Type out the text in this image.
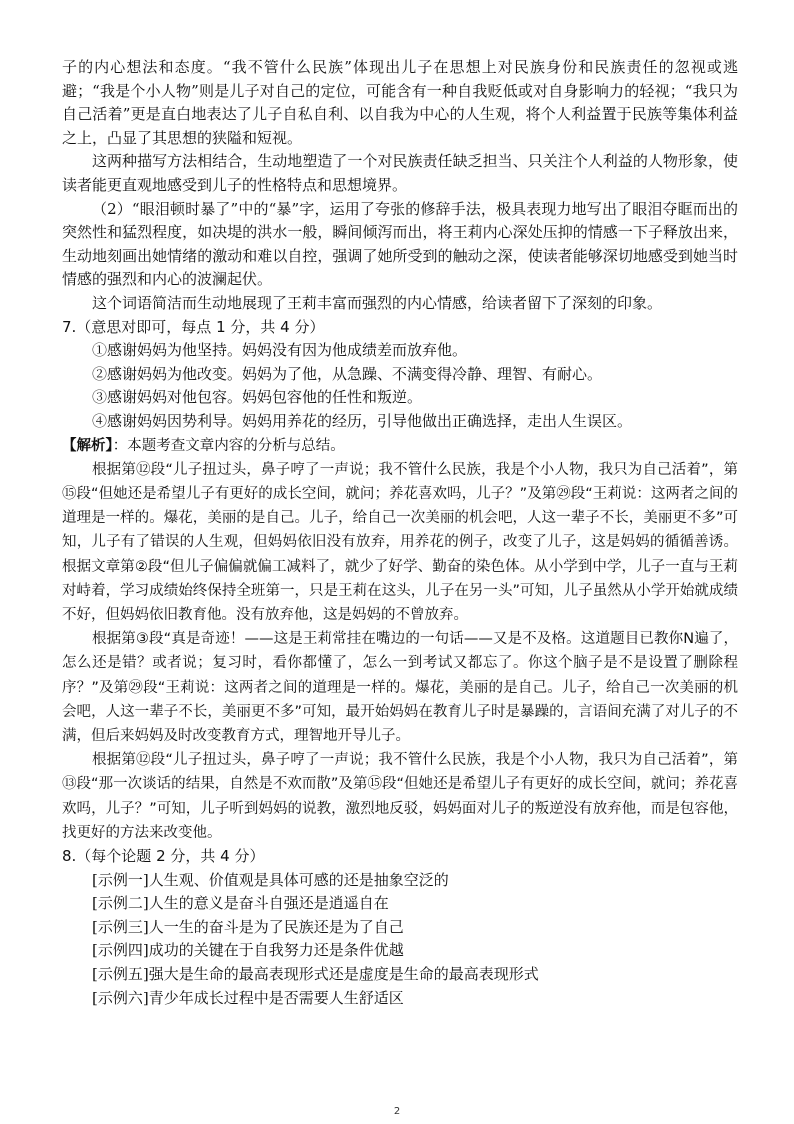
子的内心想法和态度。“我不管什么民族”体现出儿子在思想上对民族身份和民族责任的忽视或逃避；“我是个小人物”则是儿子对自己的定位，可能含有一种自我贬低或对自身影响力的轻视；“我只为自己活着”更是直白地表达了儿子自私自利、以自我为中心的人生观，将个人利益置于民族等集体利益之上，凸显了其思想的狭隘和短视。

这两种描写方法相结合，生动地塑造了一个对民族责任缺乏担当、只关注个人利益的人物形象，使读者能更直观地感受到儿子的性格特点和思想境界。

（2）“眼泪顿时暴了”中的“暴”字，运用了夸张的修辞手法，极具表现力地写出了眼泪夺眶而出的突然性和猛烈程度，如决堤的洪水一般，瞬间倾泻而出，将王莉内心深处压抑的情感一下子释放出来，生动地刻画出她情绪的激动和难以自控，强调了她所受到的触动之深，使读者能够深切地感受到她当时情感的强烈和内心的波澜起伏。

这个词语简洁而生动地展现了王莉丰富而强烈的内心情感，给读者留下了深刻的印象。

7.（意思对即可，每点 1 分，共 4 分）

①感谢妈妈为他坚持。妈妈没有因为他成绩差而放弃他。

②感谢妈妈为他改变。妈妈为了他，从急躁、不满变得冷静、理智、有耐心。

③感谢妈妈对他包容。妈妈包容他的任性和叛逆。

④感谢妈妈因势利导。妈妈用养花的经历，引导他做出正确选择，走出人生误区。

【解析】：本题考查文章内容的分析与总结。

根据第⑫段“儿子扭过头，鼻子哼了一声说；我不管什么民族，我是个小人物，我只为自己活着”，第⑮段“但她还是希望儿子有更好的成长空间，就问；养花喜欢吗，儿子？”及第㉙段“王莉说：这两者之间的道理是一样的。爆花，美丽的是自己。儿子，给自己一次美丽的机会吧，人这一辈子不长，美丽更不多”可知，儿子有了错误的人生观，但妈妈依旧没有放弃，用养花的例子，改变了儿子，这是妈妈的循循善诱。根据文章第②段“但儿子偏偏就偏工减料了，就少了好学、勤奋的染色体。从小学到中学，儿子一直与王莉对峙着，学习成绩始终保持全班第一，只是王莉在这头，儿子在另一头”可知，儿子虽然从小学开始就成绩不好，但妈妈依旧教育他。没有放弃他，这是妈妈的不曾放弃。

根据第③段“真是奇迹！——这是王莉常挂在嘴边的一句话——又是不及格。这道题目已教你N遍了，怎么还是错？或者说；复习时，看你都懂了，怎么一到考试又都忘了。你这个脑子是不是设置了删除程序？”及第㉙段“王莉说：这两者之间的道理是一样的。爆花，美丽的是自己。儿子，给自己一次美丽的机会吧，人这一辈子不长，美丽更不多”可知，最开始妈妈在教育儿子时是暴躁的，言语间充满了对儿子的不满，但后来妈妈及时改变教育方式，理智地开导儿子。

根据第⑫段“儿子扭过头，鼻子哼了一声说；我不管什么民族，我是个小人物，我只为自己活着”，第⑬段“那一次谈话的结果，自然是不欢而散”及第⑮段“但她还是希望儿子有更好的成长空间，就问；养花喜欢吗，儿子？”可知，儿子听到妈妈的说教，激烈地反驳，妈妈面对儿子的叛逆没有放弃他，而是包容他，找更好的方法来改变他。

8.（每个论题 2 分，共 4 分）

[示例一]人生观、价值观是具体可感的还是抽象空泛的

[示例二]人生的意义是奋斗自强还是逍遥自在

[示例三]人一生的奋斗是为了民族还是为了自己

[示例四]成功的关键在于自我努力还是条件优越

[示例五]强大是生命的最高表现形式还是虚度是生命的最高表现形式

[示例六]青少年成长过程中是否需要人生舒适区

2
